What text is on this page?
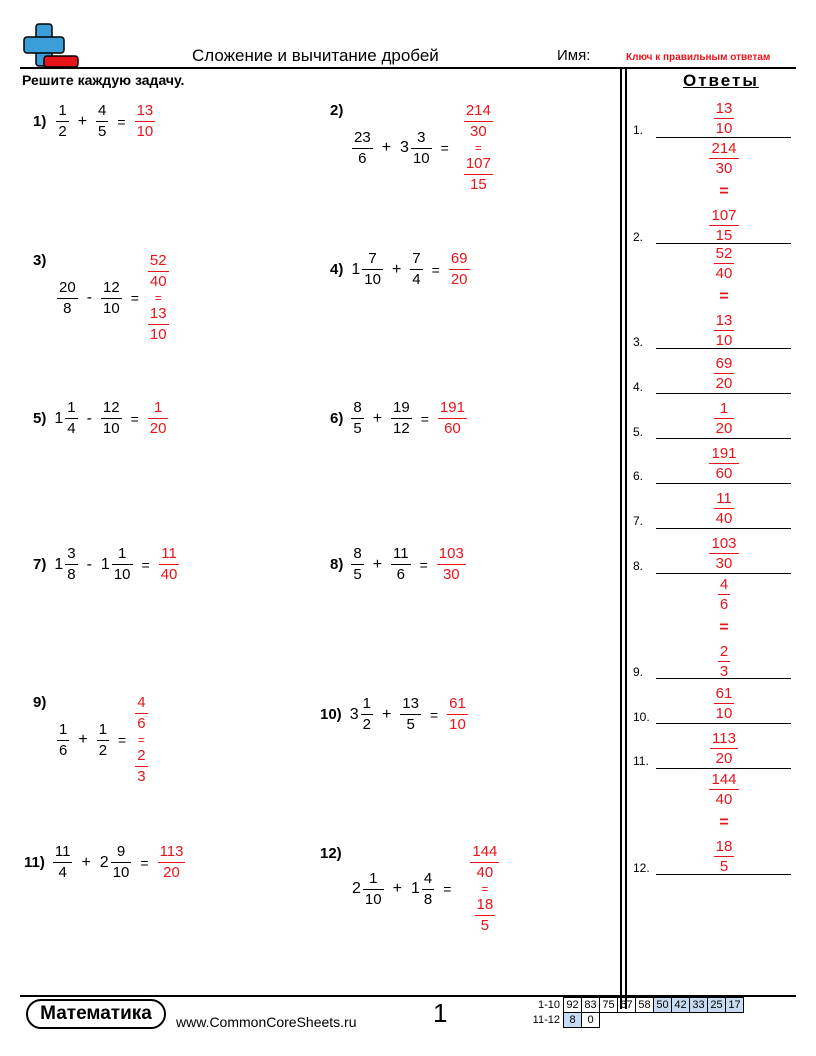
Сложение и вычитание дробей	Имя:	Ключ к правильным ответам
Решите каждую задачу.	Ответы
$1) \frac{1}{2} + \frac{4}{5} = \frac{13}{10}$	2)
$\frac{23}{6} + 3 \frac{3}{10}$ =
$\frac{214}{30}$
=
$\frac{107}{15}$
3)
$\frac{20}{8} - \frac{12}{10}$ =
$\frac{52}{40}$
=
$\frac{13}{10}$
4) $1 \frac{7}{10} + \frac{7}{4} = \frac{69}{20}$
5) $1 \frac{1}{4} - \frac{12}{10} = \frac{1}{20}$	$6) \frac{8}{5} + \frac{19}{12} = \frac{191}{60}$
7) $1 \frac{3}{8} - 1 \frac{1}{10} = \frac{11}{40}$	$8) \frac{8}{5} + \frac{11}{6} = \frac{103}{30}$
9)
$\frac{1}{6} + \frac{1}{2}$ =
$\frac{4}{6}$
=
$\frac{2}{3}$
10) $3 \frac{1}{2} + \frac{13}{5} = \frac{61}{10}$
$11) \frac{11}{4} + 2 \frac{9}{10} = \frac{113}{20}$	12)
$2 \frac{1}{10} + 1 \frac{4}{8}$ =
$\frac{144}{40}$
=
$\frac{18}{5}$
$\frac{13}{10}$
1.
$\frac{214}{30}$
=
$\frac{107}{15}$
2.
$\frac{52}{40}$
=
$\frac{13}{10}$
3.
$\frac{69}{20}$
4.
$\frac{1}{20}$
5.
$\frac{191}{60}$
6.
$\frac{11}{40}$
7.
$\frac{103}{30}$
8.
$\frac{4}{6}$
=
$\frac{2}{3}$
9.
$\frac{61}{10}$
10.
$\frac{113}{20}$
11.
$\frac{144}{40}$
=
$\frac{18}{5}$
12.
Математика www.CommonCoreSheets.ru	1	1-10	92	83	75	67	58	50	42	33	25	17
11-12	8	0								
